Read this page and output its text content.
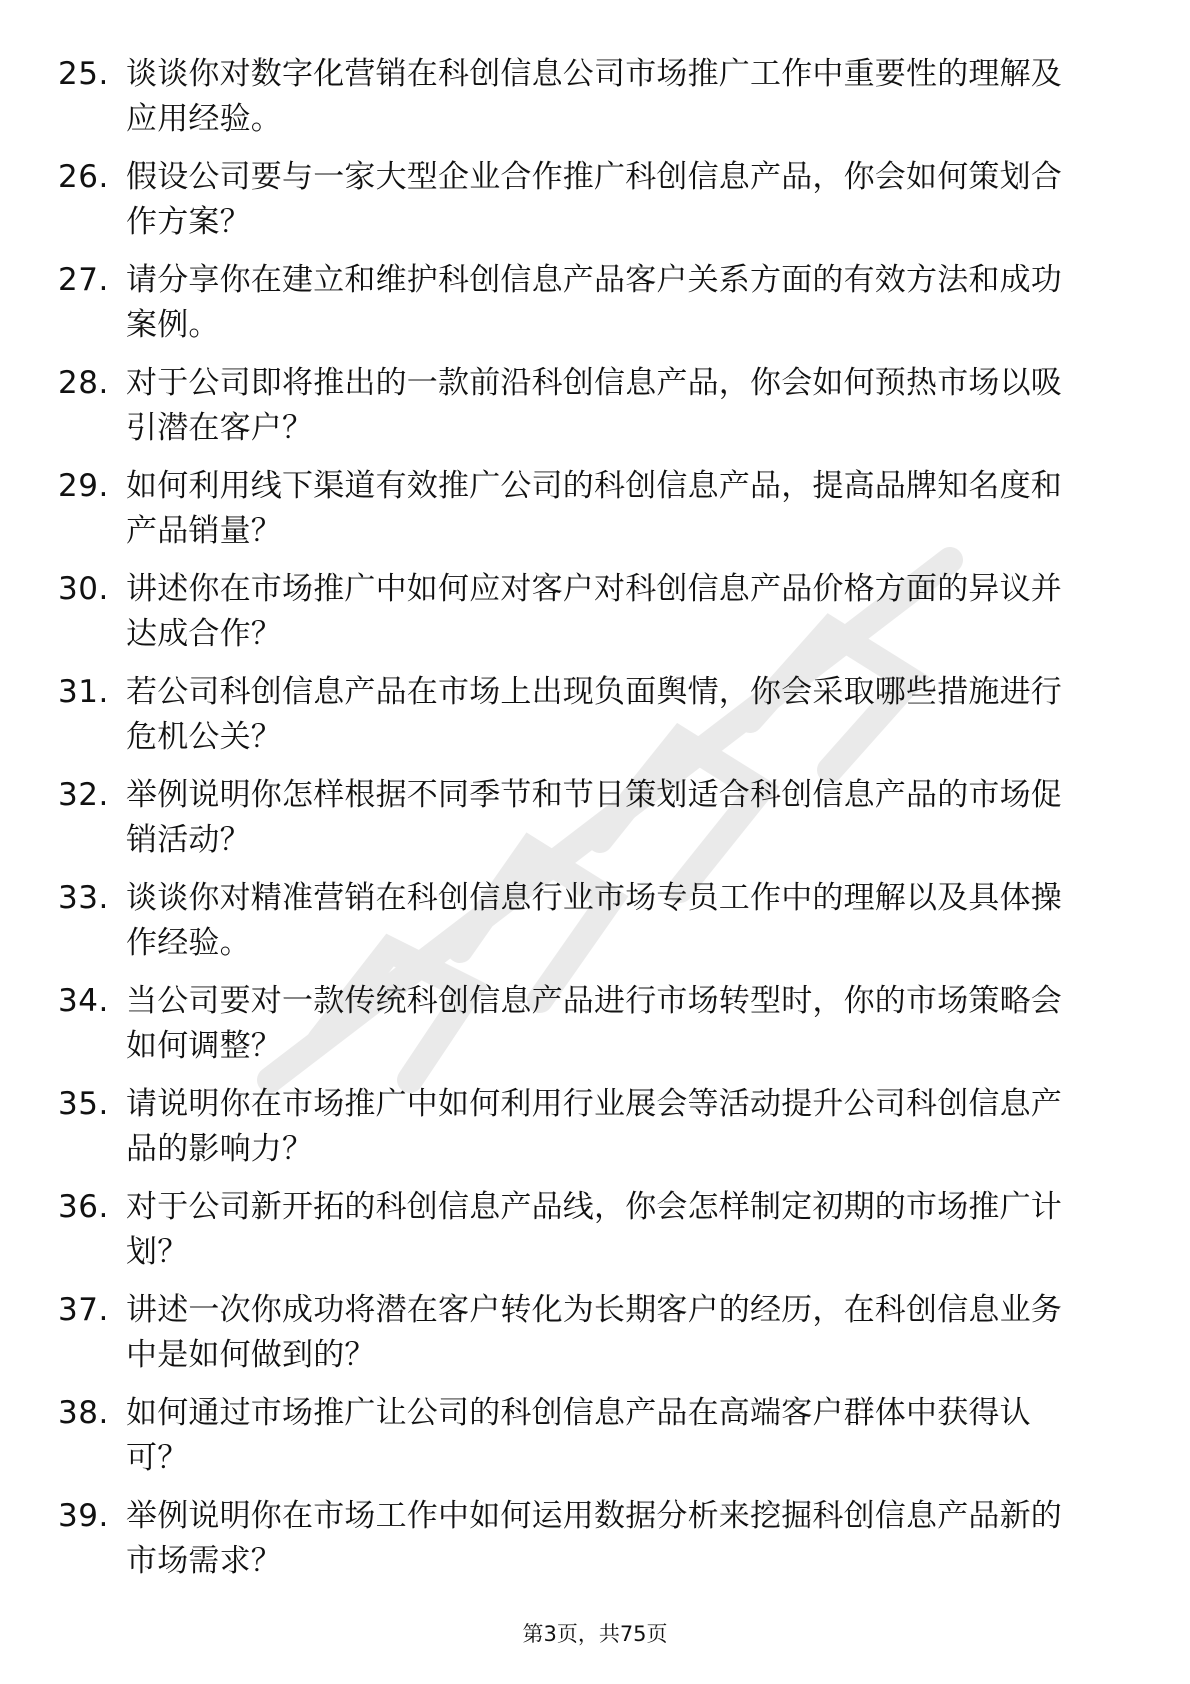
25. 谈谈你对数字化营销在科创信息公司市场推广工作中重要性的理解及应用经验。
26. 假设公司要与一家大型企业合作推广科创信息产品，你会如何策划合作方案？
27. 请分享你在建立和维护科创信息产品客户关系方面的有效方法和成功案例。
28. 对于公司即将推出的一款前沿科创信息产品，你会如何预热市场以吸引潜在客户？
29. 如何利用线下渠道有效推广公司的科创信息产品，提高品牌知名度和产品销量？
30. 讲述你在市场推广中如何应对客户对科创信息产品价格方面的异议并达成合作？
31. 若公司科创信息产品在市场上出现负面舆情，你会采取哪些措施进行危机公关？
32. 举例说明你怎样根据不同季节和节日策划适合科创信息产品的市场促销活动？
33. 谈谈你对精准营销在科创信息行业市场专员工作中的理解以及具体操作经验。
34. 当公司要对一款传统科创信息产品进行市场转型时，你的市场策略会如何调整？
35. 请说明你在市场推广中如何利用行业展会等活动提升公司科创信息产品的影响力？
36. 对于公司新开拓的科创信息产品线，你会怎样制定初期的市场推广计划？
37. 讲述一次你成功将潜在客户转化为长期客户的经历，在科创信息业务中是如何做到的？
38. 如何通过市场推广让公司的科创信息产品在高端客户群体中获得认可？
39. 举例说明你在市场工作中如何运用数据分析来挖掘科创信息产品新的市场需求？
第3页，共75页
